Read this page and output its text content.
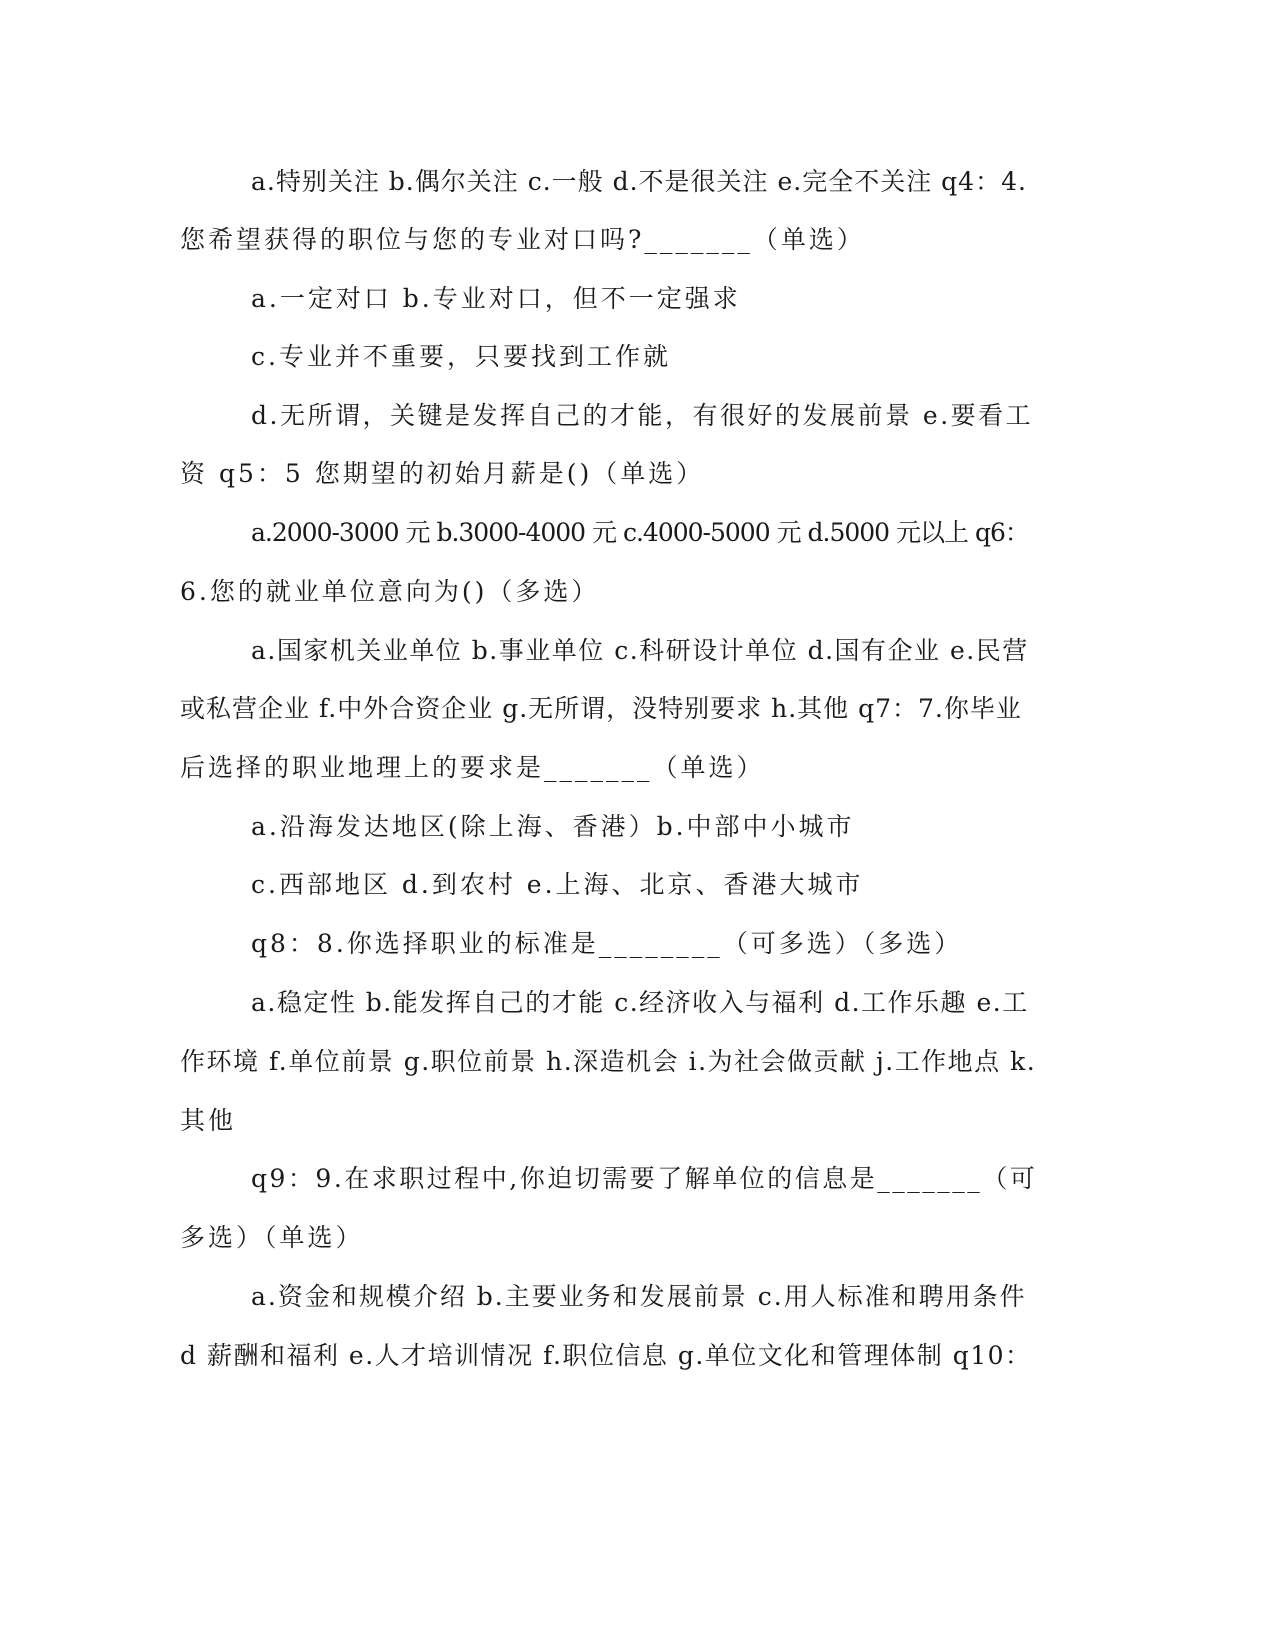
a.特别关注 b.偶尔关注 c.一般 d.不是很关注 e.完全不关注 q4：4.
您希望获得的职位与您的专业对口吗?_______（单选）
a.一定对口 b.专业对口，但不一定强求
c.专业并不重要，只要找到工作就
d.无所谓，关键是发挥自己的才能，有很好的发展前景 e.要看工
资 q5：5 您期望的初始月薪是()（单选）
a.2000-3000 元 b.3000-4000 元 c.4000-5000 元 d.5000 元以上 q6：
6.您的就业单位意向为()（多选）
a.国家机关业单位 b.事业单位 c.科研设计单位 d.国有企业 e.民营
或私营企业 f.中外合资企业 g.无所谓，没特别要求 h.其他 q7：7.你毕业
后选择的职业地理上的要求是_______（单选）
a.沿海发达地区(除上海、香港）b.中部中小城市
c.西部地区 d.到农村 e.上海、北京、香港大城市
q8：8.你选择职业的标准是________（可多选）（多选）
a.稳定性 b.能发挥自己的才能 c.经济收入与福利 d.工作乐趣 e.工
作环境 f.单位前景 g.职位前景 h.深造机会 i.为社会做贡献 j.工作地点 k.
其他
q9：9.在求职过程中,你迫切需要了解单位的信息是_______（可
多选）（单选）
a.资金和规模介绍 b.主要业务和发展前景 c.用人标准和聘用条件
d 薪酬和福利 e.人才培训情况 f.职位信息 g.单位文化和管理体制 q10：
